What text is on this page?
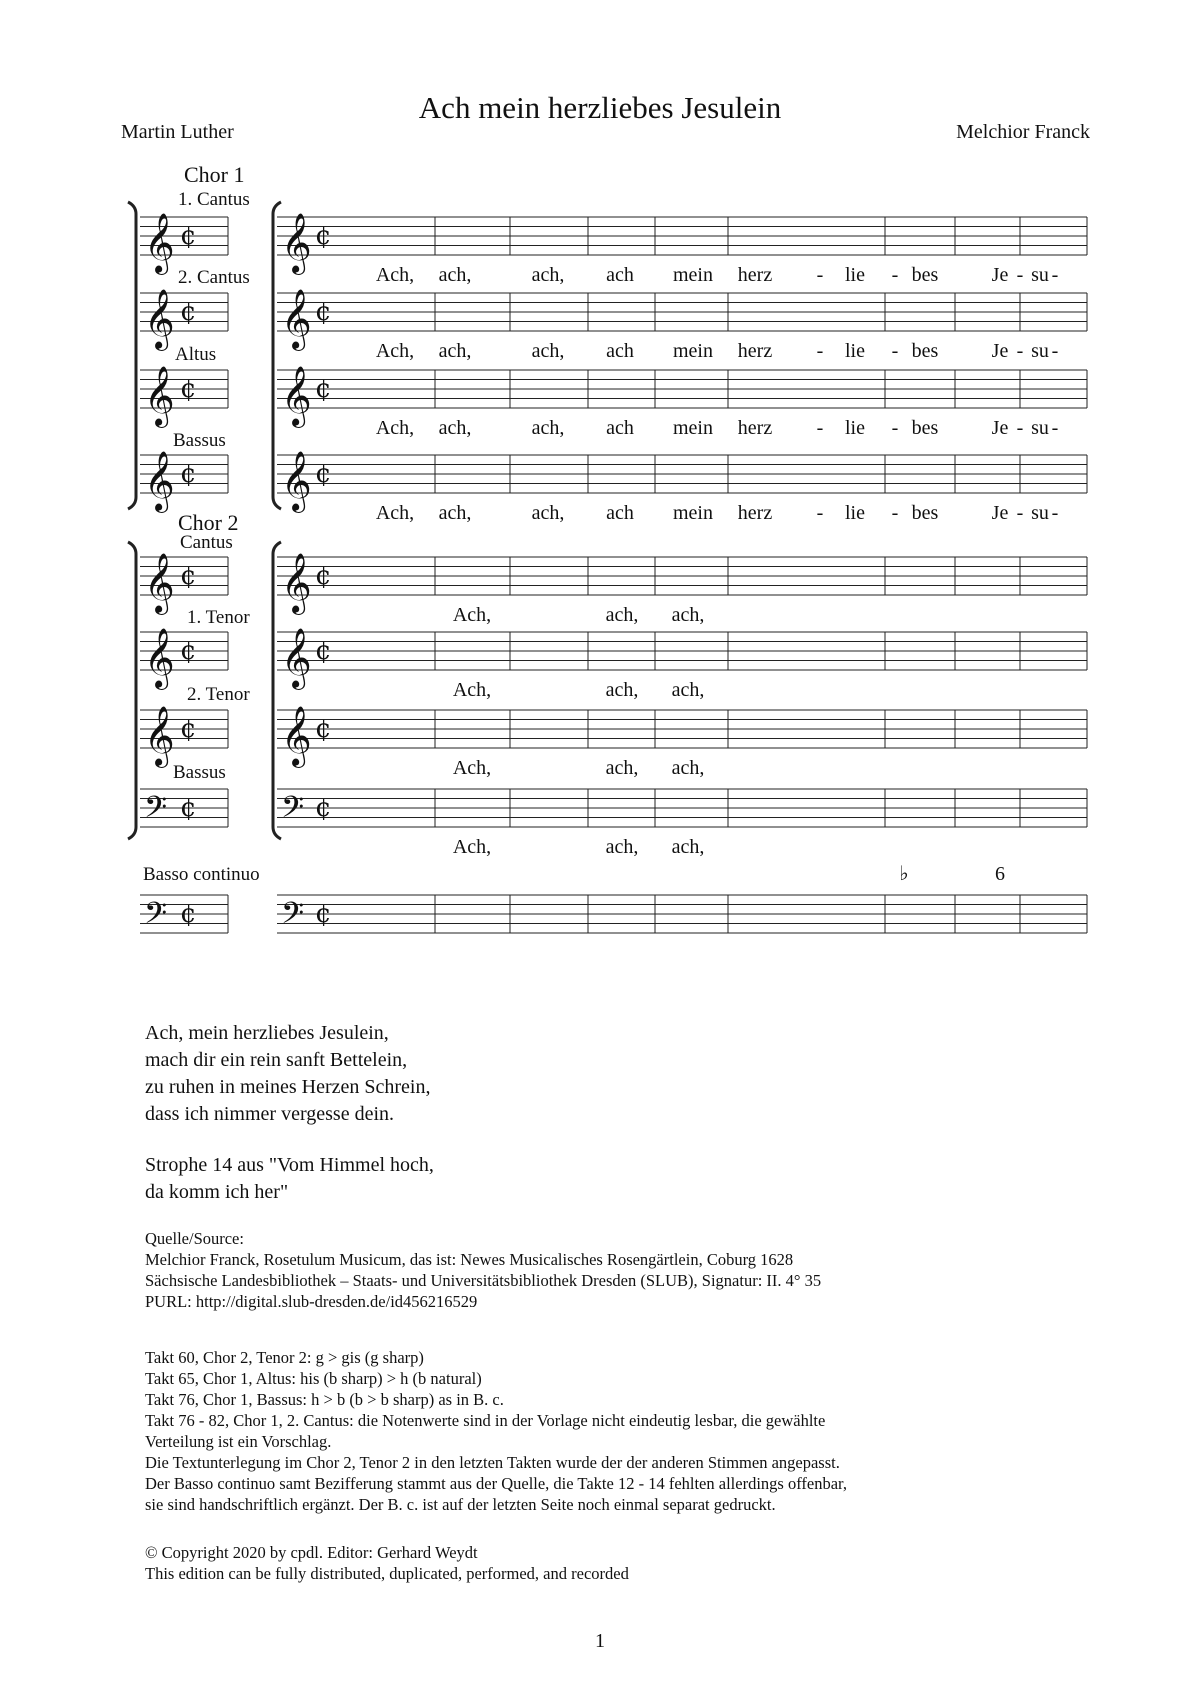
Ach mein herzliebes Jesulein
Martin Luther	Melchior Franck
Chor 1
Chor 2
1. Cantus
𝄞
𝄞	¢
¢
Ach, ach,	ach, ach mein herz - lie - bes	Je - su -
2. Cantus
𝄞
𝄞	¢
¢
Ach, ach,	ach, ach mein herz - lie - bes	Je - su -
Altus
𝄞
𝄞	¢
¢
Ach, ach,	ach, ach mein herz - lie - bes	Je - su -
Bassus
𝄞
𝄞	¢
¢
Ach, ach,	ach, ach mein herz - lie - bes	Je - su -
Cantus
𝄞
𝄞	¢
¢
Ach,	ach, ach,
1. Tenor
𝄞
𝄞	¢
¢
Ach,	ach, ach,
2. Tenor
𝄞
𝄞	¢
¢
Ach,	ach, ach,
Bassus
𝄢
𝄢	¢
¢
Ach,	ach, ach,
Basso continuo
𝄢
𝄢	¢
¢
♭	6

Ach, mein herzliebes Jesulein,

mach dir ein rein sanft Bettelein,

zu ruhen in meines Herzen Schrein,

dass ich nimmer vergesse dein.

Strophe 14 aus "Vom Himmel hoch,

da komm ich her"

Quelle/Source:

Melchior Franck, Rosetulum Musicum, das ist: Newes Musicalisches Rosengärtlein, Coburg 1628

Sächsische Landesbibliothek – Staats- und Universitätsbibliothek Dresden (SLUB), Signatur: II. 4° 35

PURL: http://digital.slub-dresden.de/id456216529

Takt 60, Chor 2, Tenor 2: g > gis (g sharp)

Takt 65, Chor 1, Altus: his (b sharp) > h (b natural)

Takt 76, Chor 1, Bassus: h > b (b > b sharp) as in B. c.

Takt 76 - 82, Chor 1, 2. Cantus: die Notenwerte sind in der Vorlage nicht eindeutig lesbar, die gewählte

Verteilung ist ein Vorschlag.

Die Textunterlegung im Chor 2, Tenor 2 in den letzten Takten wurde der der anderen Stimmen angepasst.

Der Basso continuo samt Bezifferung stammt aus der Quelle, die Takte 12 - 14 fehlten allerdings offenbar,

sie sind handschriftlich ergänzt. Der B. c. ist auf der letzten Seite noch einmal separat gedruckt.

© Copyright 2020 by cpdl. Editor: Gerhard Weydt

This edition can be fully distributed, duplicated, performed, and recorded

1
